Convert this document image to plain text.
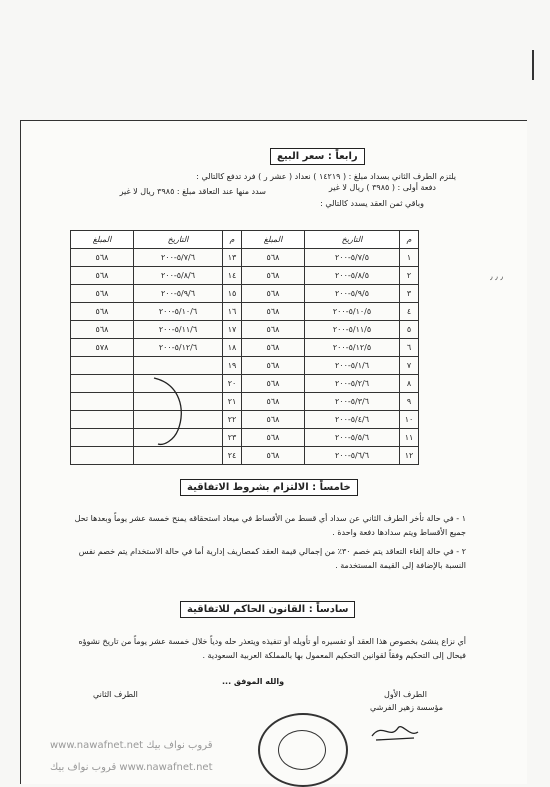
رابعاً : سعر البيع
يلتزم الطرف الثاني بسداد مبلغ : ( ١٤٢١٩ ) نعداد ( عشر ر ) فرد تدفع كالتالي :
دفعة أولى : ( ٣٩٨٥ ) ريال لا غير
سدد منها عند التعاقد مبلغ : ٣٩٨٥ ريال لا غير
وباقي ثمن العقد يسدد كالتالي :
م	التاريخ	المبلغ	م	التاريخ	المبلغ
١	٥/٧/٥-٢٠٠	٥٦٨	١٣	٥/٧/٦-٢٠٠	٥٦٨
٢	٥/٨/٥-٢٠٠	٥٦٨	١٤	٥/٨/٦-٢٠٠	٥٦٨
٣	٥/٩/٥-٢٠٠	٥٦٨	١٥	٥/٩/٦-٢٠٠	٥٦٨
٤	٥/١٠/٥-٢٠٠	٥٦٨	١٦	٥/١٠/٦-٢٠٠	٥٦٨
٥	٥/١١/٥-٢٠٠	٥٦٨	١٧	٥/١١/٦-٢٠٠	٥٦٨
٦	٥/١٢/٥-٢٠٠	٥٦٨	١٨	٥/١٢/٦-٢٠٠	٥٧٨
٧	٥/١/٦-٢٠٠	٥٦٨	١٩		
٨	٥/٢/٦-٢٠٠	٥٦٨	٢٠		
٩	٥/٣/٦-٢٠٠	٥٦٨	٢١		
١٠	٥/٤/٦-٢٠٠	٥٦٨	٢٢		
١١	٥/٥/٦-٢٠٠	٥٦٨	٢٣		
١٢	٥/٦/٦-٢٠٠	٥٦٨	٢٤		
خامساً : الالتزام بشروط الاتفاقية
١ - في حالة تأخر الطرف الثاني عن سداد أي قسط من الأقساط في ميعاد استحقاقه يمنح خمسة عشر يوماً وبعدها تحل جميع الأقساط ويتم سدادها دفعة واحدة .
٢ - في حالة إلغاء التعاقد يتم خصم ٣٠٪ من إجمالي قيمة العقد كمصاريف إدارية أما في حالة الاستخدام يتم خصم نفس النسبة بالإضافة إلى القيمة المستخدمة .
سادساً : القانون الحاكم للاتفاقية
أي نزاع ينشئ بخصوص هذا العقد أو تفسيره أو تأويله أو تنفيذه ويتعذر حله ودياً خلال خمسة عشر يوماً من تاريخ نشوؤه فيحال إلى التحكيم وفقاً لقوانين التحكيم المعمول بها بالمملكة العربية السعودية .
والله الموفق ...
الطرف الأول
مؤسسة زهير الفرشي
الطرف الثاني
٫ ٫ ٫
قروب نواف بيك www.nawafnet.net
www.nawafnet.net قروب نواف بيك
